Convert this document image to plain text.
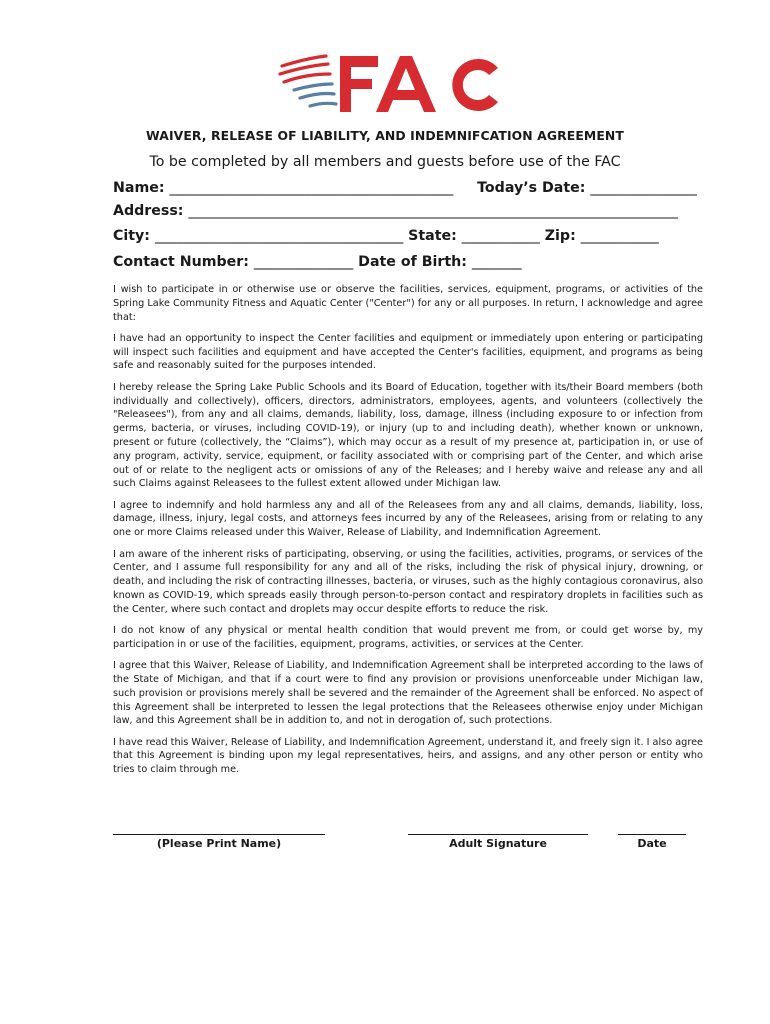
WAIVER, RELEASE OF LIABILITY, AND INDEMNIFCATION AGREEMENT
To be completed by all members and guests before use of the FAC
Name: ________________________________________ Today’s Date: _______________
Address: _____________________________________________________________________
City: ___________________________________ State: ___________ Zip: ___________
Contact Number: ______________ Date of Birth: _______

I wish to participate in or otherwise use or observe the facilities, services, equipment, programs, or activities of the Spring Lake Community Fitness and Aquatic Center ("Center") for any or all purposes. In return, I acknowledge and agree that:

I have had an opportunity to inspect the Center facilities and equipment or immediately upon entering or participating will inspect such facilities and equipment and have accepted the Center's facilities, equipment, and programs as being safe and reasonably suited for the purposes intended.

I hereby release the Spring Lake Public Schools and its Board of Education, together with its/their Board members (both individually and collectively), officers, directors, administrators, employees, agents, and volunteers (collectively the "Releasees"), from any and all claims, demands, liability, loss, damage, illness (including exposure to or infection from germs, bacteria, or viruses, including COVID-19), or injury (up to and including death), whether known or unknown, present or future (collectively, the “Claims”), which may occur as a result of my presence at, participation in, or use of any program, activity, service, equipment, or facility associated with or comprising part of the Center, and which arise out of or relate to the negligent acts or omissions of any of the Releases; and I hereby waive and release any and all such Claims against Releasees to the fullest extent allowed under Michigan law.

I agree to indemnify and hold harmless any and all of the Releasees from any and all claims, demands, liability, loss, damage, illness, injury, legal costs, and attorneys fees incurred by any of the Releasees, arising from or relating to any one or more Claims released under this Waiver, Release of Liability, and Indemnification Agreement.

I am aware of the inherent risks of participating, observing, or using the facilities, activities, programs, or services of the Center, and I assume full responsibility for any and all of the risks, including the risk of physical injury, drowning, or death, and including the risk of contracting illnesses, bacteria, or viruses, such as the highly contagious coronavirus, also known as COVID-19, which spreads easily through person-to-person contact and respiratory droplets in facilities such as the Center, where such contact and droplets may occur despite efforts to reduce the risk.

I do not know of any physical or mental health condition that would prevent me from, or could get worse by, my participation in or use of the facilities, equipment, programs, activities, or services at the Center.

I agree that this Waiver, Release of Liability, and Indemnification Agreement shall be interpreted according to the laws of the State of Michigan, and that if a court were to find any provision or provisions unenforceable under Michigan law, such provision or provisions merely shall be severed and the remainder of the Agreement shall be enforced. No aspect of this Agreement shall be interpreted to lessen the legal protections that the Releasees otherwise enjoy under Michigan law, and this Agreement shall be in addition to, and not in derogation of, such protections.

I have read this Waiver, Release of Liability, and Indemnification Agreement, understand it, and freely sign it. I also agree that this Agreement is binding upon my legal representatives, heirs, and assigns, and any other person or entity who tries to claim through me.

(Please Print Name)	Adult Signature	Date
